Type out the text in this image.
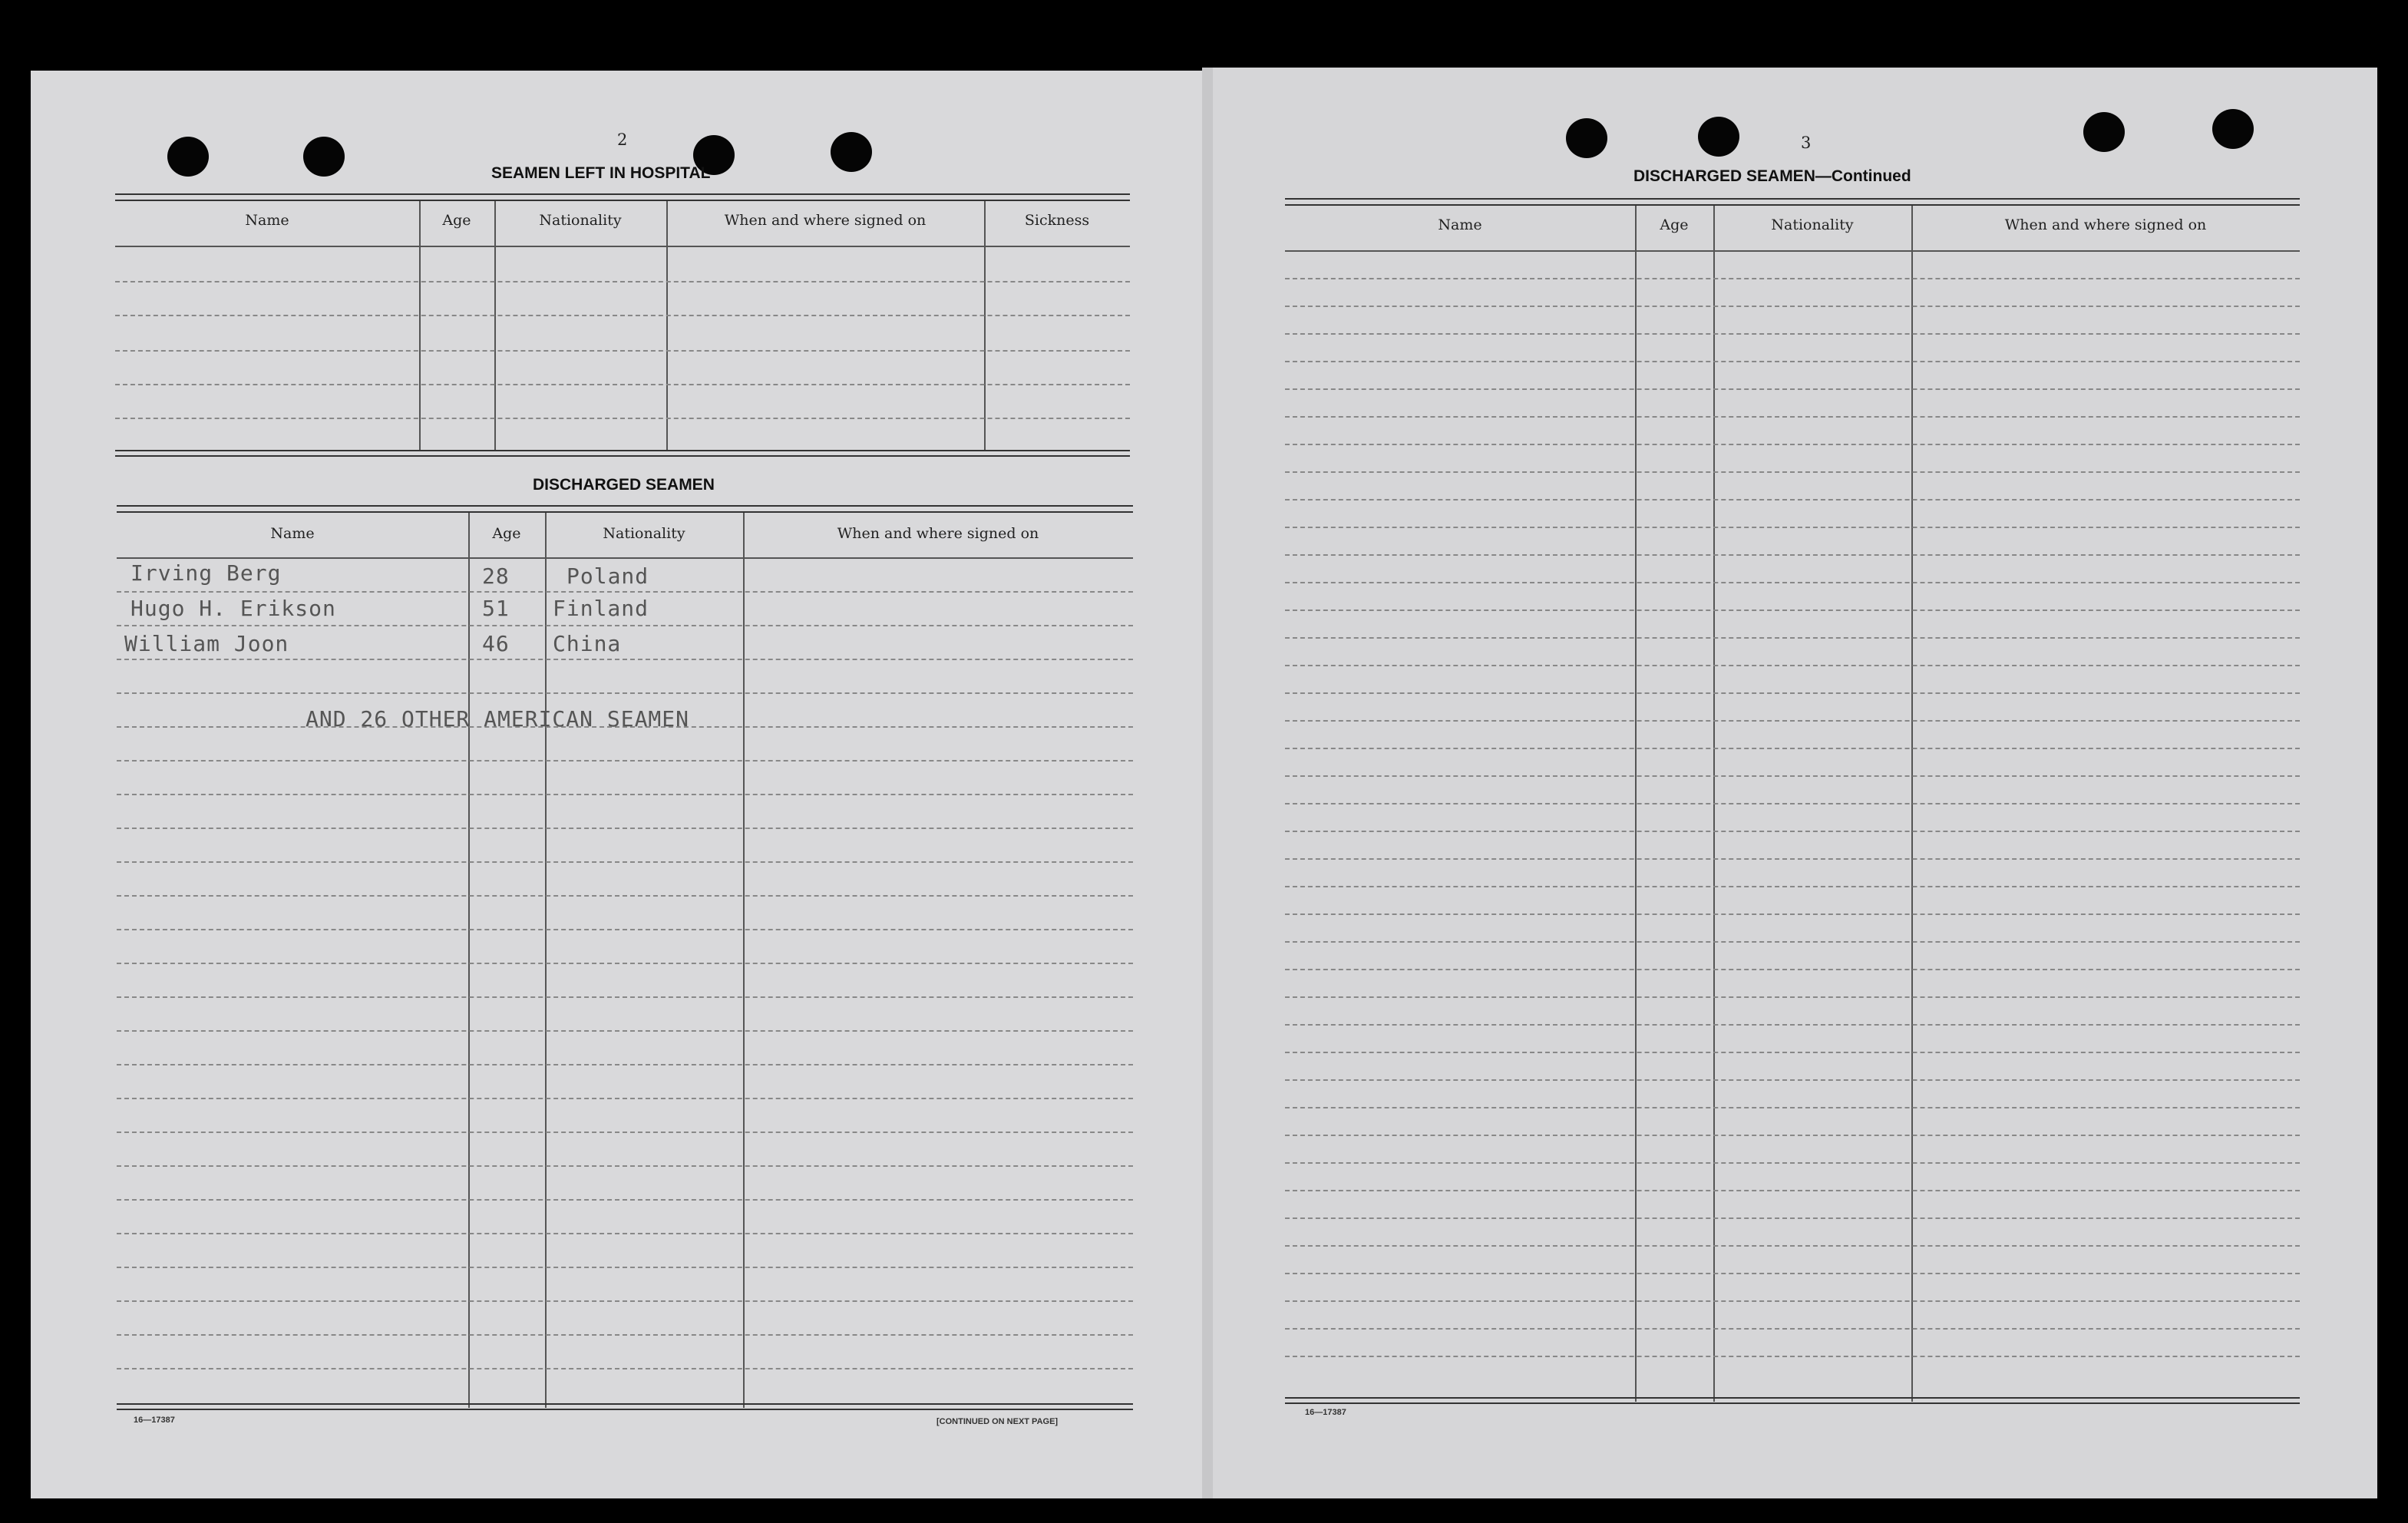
2
SEAMEN LEFT IN HOSPITAL
Name	Age	Nationality	When and where signed on	Sickness
DISCHARGED SEAMEN
Name	Age	Nationality	When and where signed on
Irving Berg	28	Poland
Hugo H. Erikson	51 Finland
William Joon	46 China
AND 26 OTHER AMERICAN SEAMEN
16—17387	[CONTINUED ON NEXT PAGE]
3
DISCHARGED SEAMEN—Continued
Name	Age	Nationality	When and where signed on
16—17387
